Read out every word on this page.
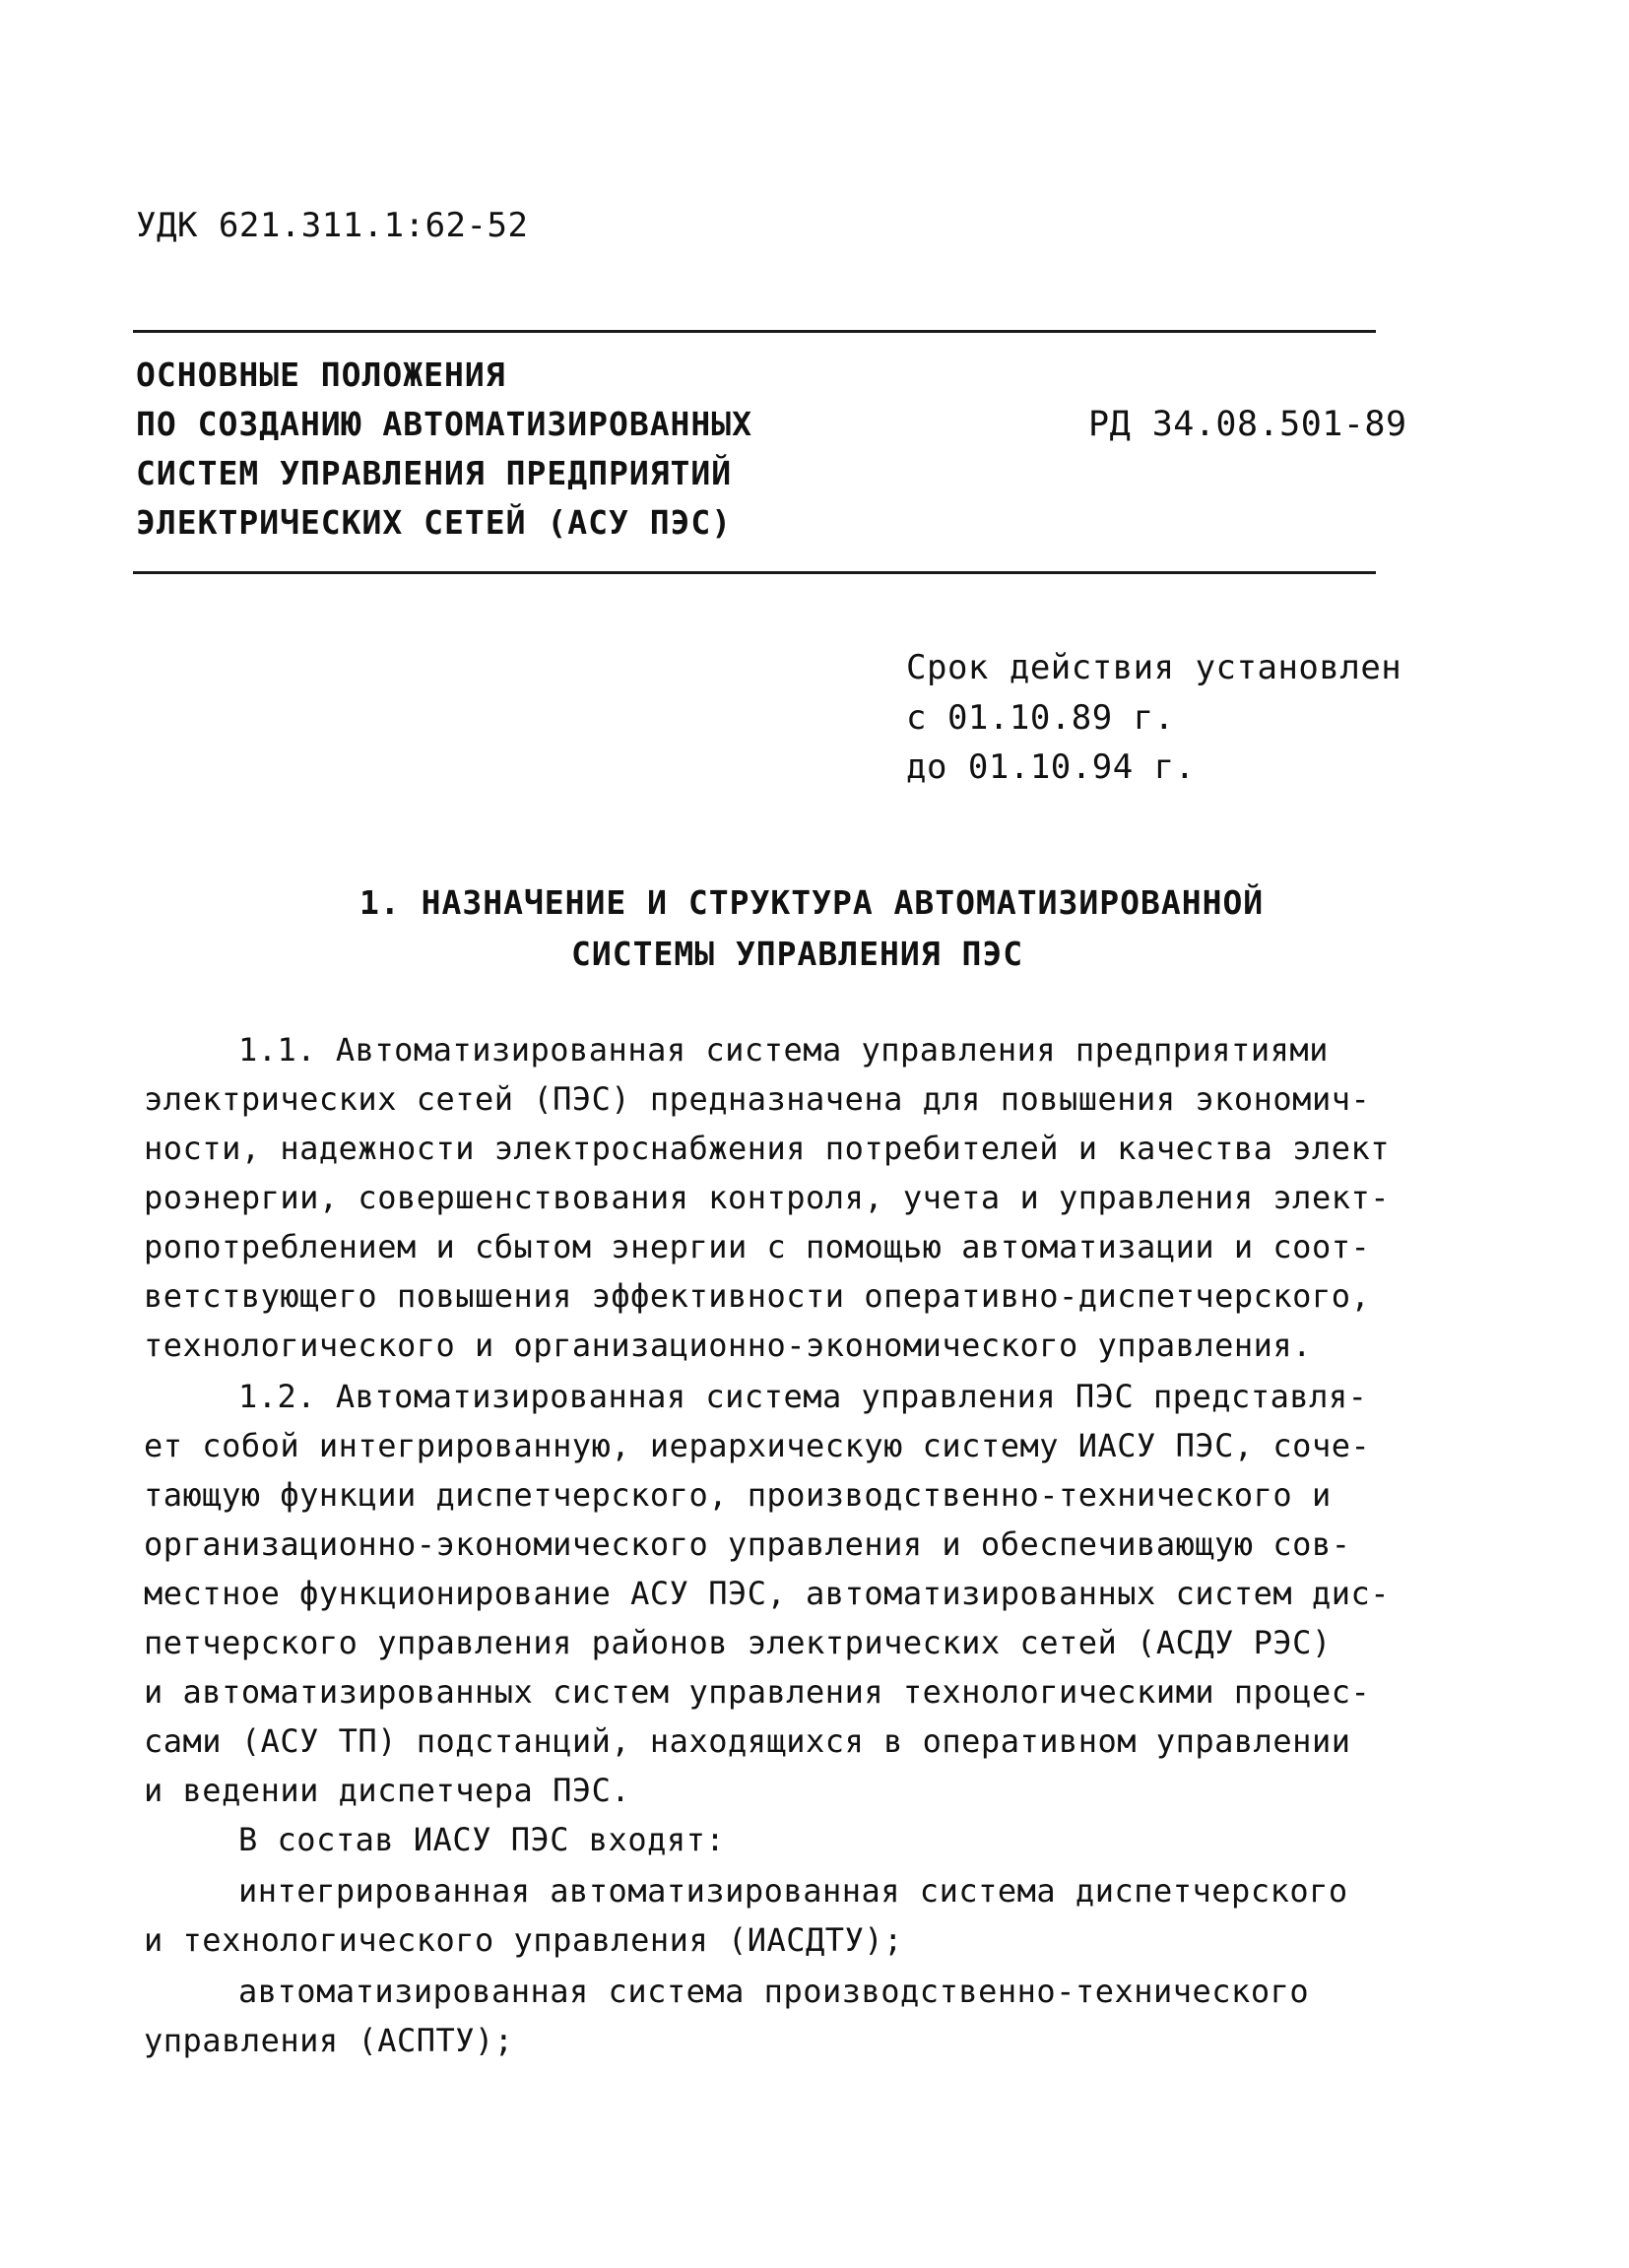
УДК 621.311.1:62-52
ОСНОВНЫЕ ПОЛОЖЕНИЯ
ПО СОЗДАНИЮ АВТОМАТИЗИРОВАННЫХ
СИСТЕМ УПРАВЛЕНИЯ ПРЕДПРИЯТИЙ
ЭЛЕКТРИЧЕСКИХ СЕТЕЙ (АСУ ПЭС)
РД 34.08.501-89
Срок действия установлен
с 01.10.89 г.
до 01.10.94 г.
1. НАЗНАЧЕНИЕ И СТРУКТУРА АВТОМАТИЗИРОВАННОЙ
СИСТЕМЫ УПРАВЛЕНИЯ ПЭС
1.1. Автоматизированная система управления предприятиями
электрических сетей (ПЭС) предназначена для повышения экономич-
ности, надежности электроснабжения потребителей и качества элект
роэнергии, совершенствования контроля, учета и управления элект-
ропотреблением и сбытом энергии с помощью автоматизации и соот-
ветствующего повышения эффективности оперативно-диспетчерского,
технологического и организационно-экономического управления.
1.2. Автоматизированная система управления ПЭС представля-
ет собой интегрированную, иерархическую систему ИАСУ ПЭС, соче-
тающую функции диспетчерского, производственно-технического и
организационно-экономического управления и обеспечивающую сов-
местное функционирование АСУ ПЭС, автоматизированных систем дис-
петчерского управления районов электрических сетей (АСДУ РЭС)
и автоматизированных систем управления технологическими процес-
сами (АСУ ТП) подстанций, находящихся в оперативном управлении
и ведении диспетчера ПЭС.
В состав ИАСУ ПЭС входят:
интегрированная автоматизированная система диспетчерского
и технологического управления (ИАСДТУ);
автоматизированная система производственно-технического
управления (АСПТУ);
